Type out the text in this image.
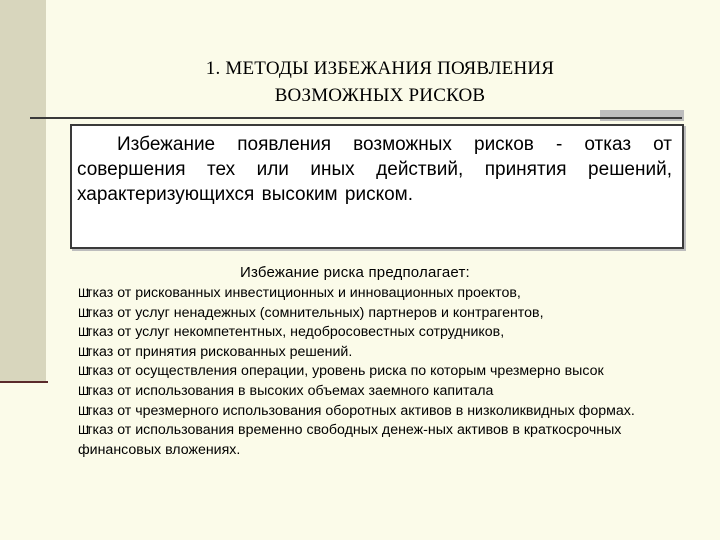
1. МЕТОДЫ ИЗБЕЖАНИЯ ПОЯВЛЕНИЯ
ВОЗМОЖНЫХ РИСКОВ
Избежание появления возможных рисков - отказ от совершения тех или иных действий, принятия решений, характеризующихся высоким риском.
Избежание риска предполагает:
Штказ от рискованных инвестиционных и инновационных проектов,
Штказ от услуг ненадежных (сомнительных) партнеров и контрагентов,
Штказ от услуг некомпетентных, недобросовестных сотрудников,
Штказ от принятия рискованных решений.
Штказ от осуществления операции, уровень риска по которым чрезмерно высок
Штказ от использования в высоких объемах заемного капитала
Штказ от чрезмерного использования оборотных активов в низколиквидных формах.
Штказ от использования временно свободных денеж-ных активов в краткосрочных финансовых вложениях.
